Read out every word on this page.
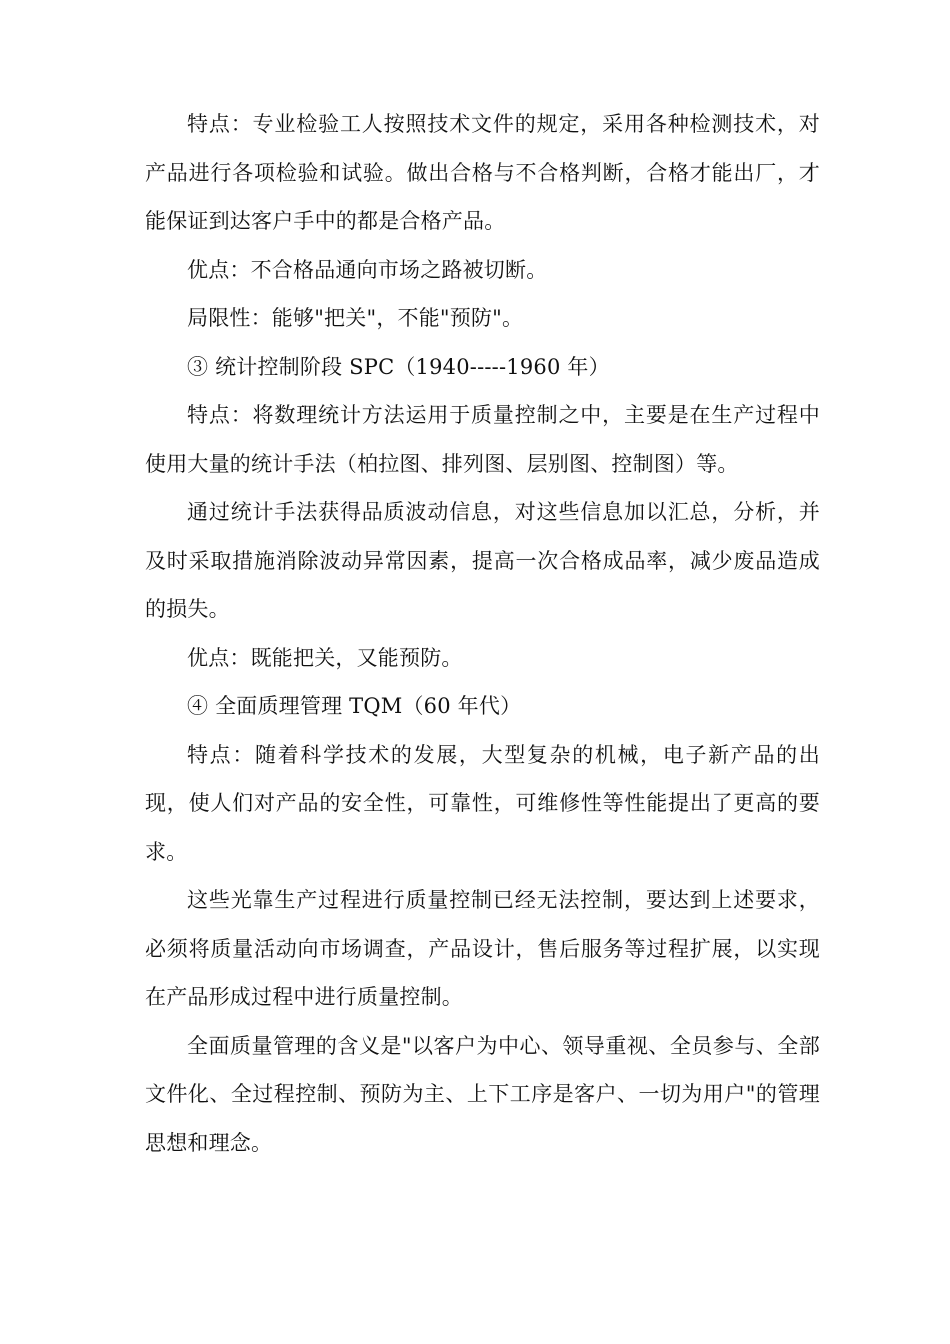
特点：专业检验工人按照技术文件的规定，采用各种检测技术，对产品进行各项检验和试验。做出合格与不合格判断，合格才能出厂，才能保证到达客户手中的都是合格产品。

优点：不合格品通向市场之路被切断。

局限性：能够"把关"，不能"预防"。

③ 统计控制阶段 SPC（1940-----1960 年）

特点：将数理统计方法运用于质量控制之中，主要是在生产过程中使用大量的统计手法（柏拉图、排列图、层别图、控制图）等。

通过统计手法获得品质波动信息，对这些信息加以汇总，分析，并及时采取措施消除波动异常因素，提高一次合格成品率，减少废品造成的损失。

优点：既能把关，又能预防。

④ 全面质理管理 TQM（60 年代）

特点：随着科学技术的发展，大型复杂的机械，电子新产品的出现，使人们对产品的安全性，可靠性，可维修性等性能提出了更高的要求。

这些光靠生产过程进行质量控制已经无法控制，要达到上述要求，必须将质量活动向市场调查，产品设计，售后服务等过程扩展，以实现在产品形成过程中进行质量控制。

全面质量管理的含义是"以客户为中心、领导重视、全员参与、全部文件化、全过程控制、预防为主、上下工序是客户、一切为用户"的管理思想和理念。
